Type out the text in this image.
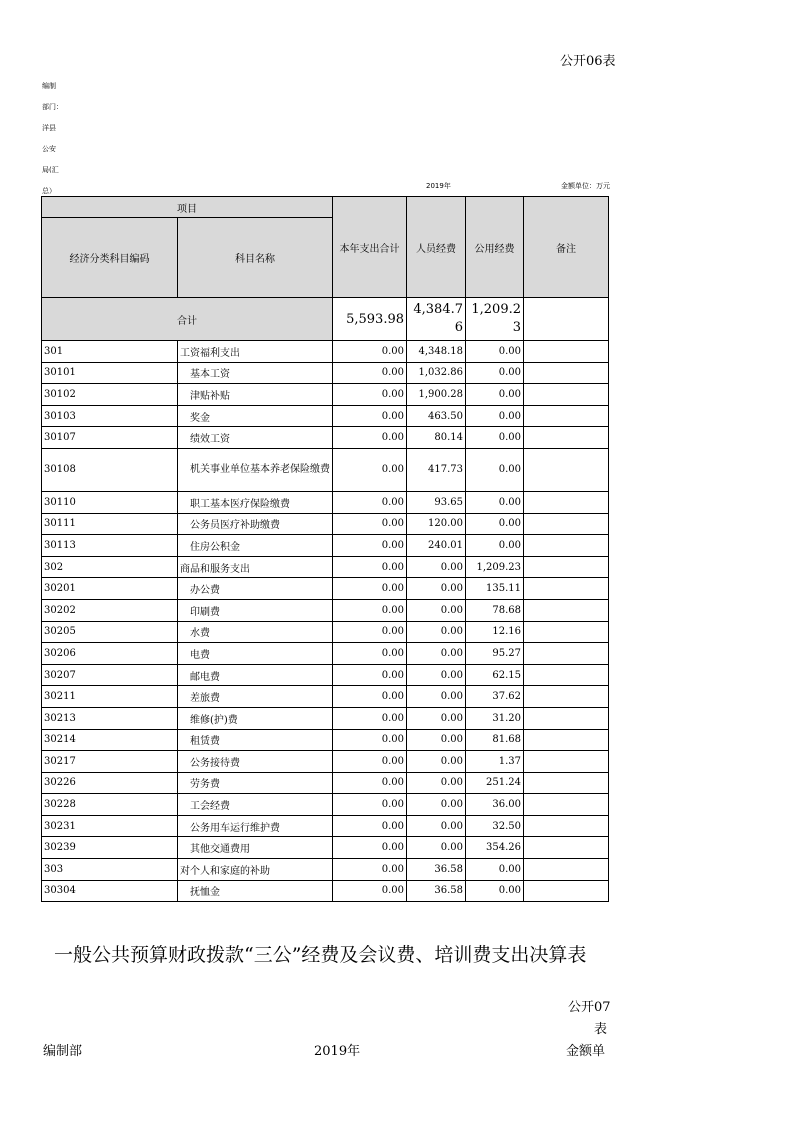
公开06表
编制
部门：
洋县
公安
局(汇
总）
2019年	金额单位：万元
项目		本年支出合计	人员经费	公用经费	备注
经济分类科目编码	科目名称				
合计		5,593.98	4,384.76	1,209.23	
301	工资福利支出	0.00	4,348.18	0.00	
30101	基本工资	0.00	1,032.86	0.00	
30102	津贴补贴	0.00	1,900.28	0.00	
30103	奖金	0.00	463.50	0.00	
30107	绩效工资	0.00	80.14	0.00	
30108	机关事业单位基本养老保险缴费	0.00	417.73	0.00	
30110	职工基本医疗保险缴费	0.00	93.65	0.00	
30111	公务员医疗补助缴费	0.00	120.00	0.00	
30113	住房公积金	0.00	240.01	0.00	
302	商品和服务支出	0.00	0.00	1,209.23	
30201	办公费	0.00	0.00	135.11	
30202	印刷费	0.00	0.00	78.68	
30205	水费	0.00	0.00	12.16	
30206	电费	0.00	0.00	95.27	
30207	邮电费	0.00	0.00	62.15	
30211	差旅费	0.00	0.00	37.62	
30213	维修(护)费	0.00	0.00	31.20	
30214	租赁费	0.00	0.00	81.68	
30217	公务接待费	0.00	0.00	1.37	
30226	劳务费	0.00	0.00	251.24	
30228	工会经费	0.00	0.00	36.00	
30231	公务用车运行维护费	0.00	0.00	32.50	
30239	其他交通费用	0.00	0.00	354.26	
303	对个人和家庭的补助	0.00	36.58	0.00	
30304	抚恤金	0.00	36.58	0.00	
一般公共预算财政拨款“三公”经费及会议费、培训费支出决算表
公开07
表
编制部	2019年	金额单
